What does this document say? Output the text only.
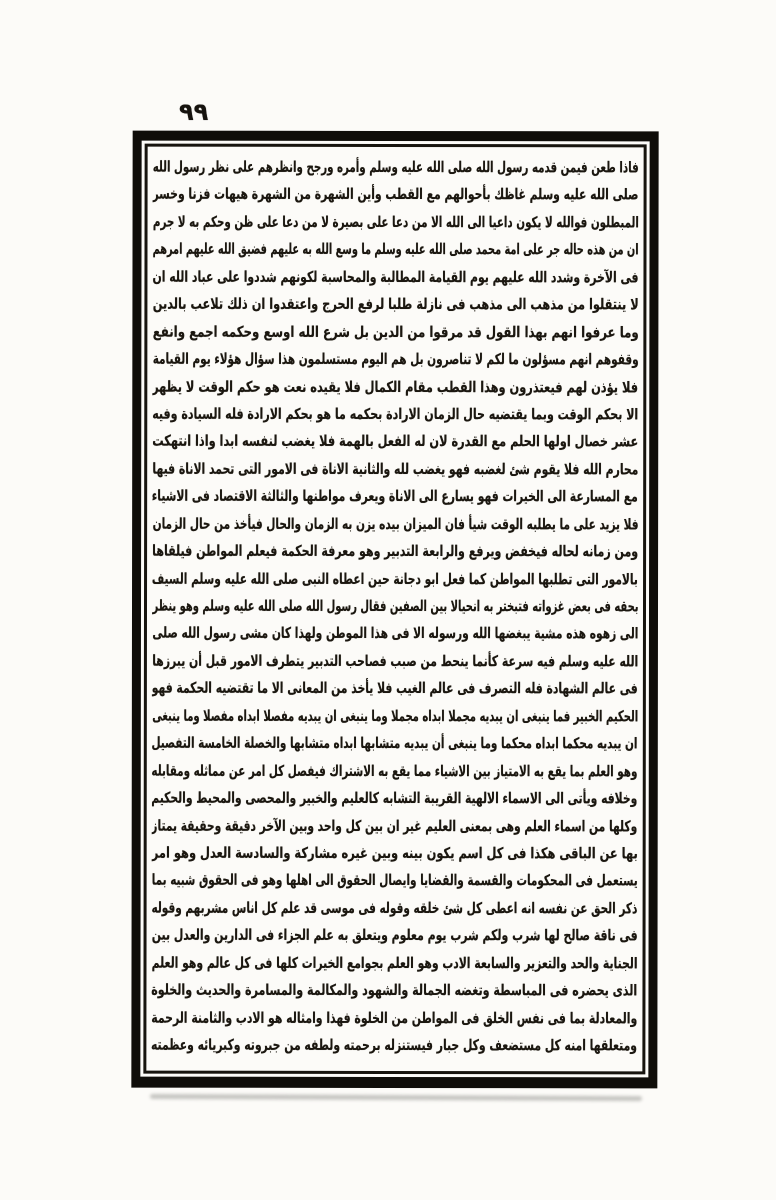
٩٩
فاذا طعن فيمن قدمه رسول الله صلى الله عليه وسلم وأمره ورجح وانظرهم على نظر رسول الله
صلى الله عليه وسلم غاظك بأحوالهم مع القطب وأين الشهرة من الشهرة هيهات فزنا وخسر
المبطلون فوالله لا يكون داعيا الى الله الا من دعا على بصيرة لا من دعا على ظن وحكم به لا جرم
ان من هذه حاله جر على امة محمد صلى الله عليه وسلم ما وسع الله به عليهم فضيق الله عليهم امرهم
فى الآخرة وشدد الله عليهم يوم القيامة المطالبة والمحاسبة لكونهم شددوا على عباد الله ان
لا ينتقلوا من مذهب الى مذهب فى نازلة طلبا لرفع الحرج واعتقدوا ان ذلك تلاعب بالدين
وما عرفوا انهم بهذا القول قد مرقوا من الدين بل شرع الله اوسع وحكمه اجمع وانفع
وقفوهم انهم مسؤلون ما لكم لا تناصرون بل هم اليوم مستسلمون هذا سؤال هؤلاء يوم القيامة
فلا يؤذن لهم فيعتذرون وهذا القطب مقام الكمال فلا يقيده نعت هو حكم الوقت لا يظهر
الا بحكم الوقت وبما يقتضيه حال الزمان الارادة بحكمه ما هو بحكم الارادة فله السيادة وفيه
عشر خصال اولها الحلم مع القدرة لان له الفعل بالهمة فلا يغضب لنفسه ابدا واذا انتهكت
محارم الله فلا يقوم شئ لغضبه فهو يغضب لله والثانية الاناة فى الامور التى تحمد الاناة فيها
مع المسارعة الى الخيرات فهو يسارع الى الاناة ويعرف مواطنها والثالثة الاقتصاد فى الاشياء
فلا يزيد على ما يطلبه الوقت شيأ فان الميزان بيده يزن به الزمان والحال فيأخذ من حال الزمان
ومن زمانه لحاله فيخفض ويرفع والرابعة التدبير وهو معرفة الحكمة فيعلم المواطن فيلقاها
بالامور التى تطلبها المواطن كما فعل ابو دجانة حين اعطاه النبى صلى الله عليه وسلم السيف
بحقه فى بعض غزواته فتبختر به انحيالا بين الصفين فقال رسول الله صلى الله عليه وسلم وهو ينظر
الى زهوه هذه مشية يبغضها الله ورسوله الا فى هذا الموطن ولهذا كان مشى رسول الله صلى
الله عليه وسلم فيه سرعة كأنما ينحط من صبب فصاحب التدبير يتطرف الامور قبل أن يبرزها
فى عالم الشهادة فله التصرف فى عالم الغيب فلا يأخذ من المعانى الا ما تقتضيه الحكمة فهو
الحكيم الخبير فما ينبغى ان يبديه مجملا ابداه مجملا وما ينبغى ان يبديه مفصلا ابداه مفصلا وما ينبغى
ان يبديه محكما ابداه محكما وما ينبغى أن يبديه متشابها ابداه متشابها والخصلة الخامسة التفصيل
وهو العلم بما يقع به الامتياز بين الاشياء مما يقع به الاشتراك فيفصل كل امر عن مماثله ومقابله
وخلافه ويأتى الى الاسماء الالهية القريبة التشابه كالعليم والخبير والمحصى والمحيط والحكيم
وكلها من اسماء العلم وهى بمعنى العليم غير ان بين كل واحد وبين الآخر دقيقة وحقيقة يمتاز
بها عن الباقى هكذا فى كل اسم يكون بينه وبين غيره مشاركة والسادسة العدل وهو امر
يستعمل فى المحكومات والقسمة والقضايا وايصال الحقوق الى اهلها وهو فى الحقوق شبيه بما
ذكر الحق عن نفسه انه اعطى كل شئ خلقه وقوله فى موسى قد علم كل اناس مشربهم وقوله
فى ناقة صالح لها شرب ولكم شرب يوم معلوم ويتعلق به علم الجزاء فى الدارين والعدل بين
الجناية والحد والتعزير والسابعة الادب وهو العلم بجوامع الخيرات كلها فى كل عالم وهو العلم
الذى يحضره فى المباسطة وتغضه الجمالة والشهود والمكالمة والمسامرة والحديث والخلوة
والمعادلة بما فى نفس الخلق فى المواطن من الخلوة فهذا وامثاله هو الادب والثامنة الرحمة
ومتعلقها امنه كل مستضعف وكل جبار فيستنزله برحمته ولطفه من جبروته وكبريائه وعظمته
